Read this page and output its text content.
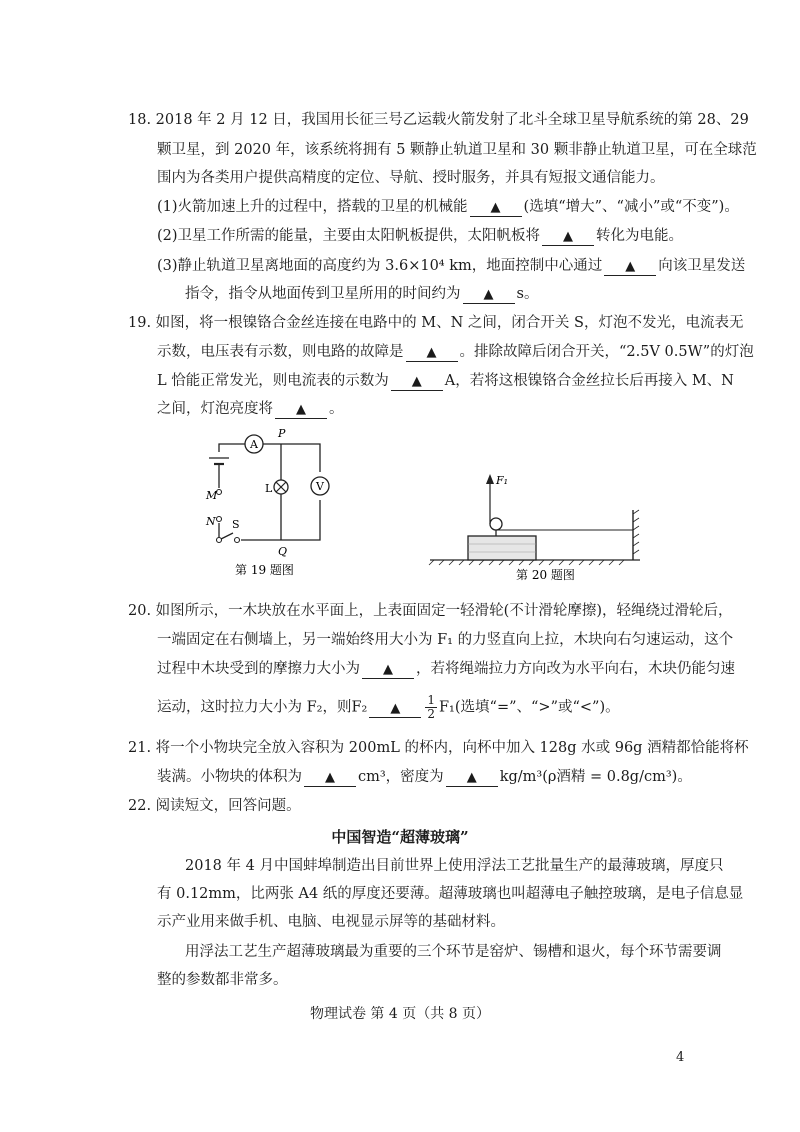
18. 2018 年 2 月 12 日，我国用长征三号乙运载火箭发射了北斗全球卫星导航系统的第 28、29
颗卫星，到 2020 年，该系统将拥有 5 颗静止轨道卫星和 30 颗非静止轨道卫星，可在全球范
围内为各类用户提供高精度的定位、导航、授时服务，并具有短报文通信能力。
(1)火箭加速上升的过程中，搭载的卫星的机械能 ▲ (选填“增大”、“减小”或“不变”)。
(2)卫星工作所需的能量，主要由太阳帆板提供，太阳帆板将 ▲ 转化为电能。
(3)静止轨道卫星离地面的高度约为 3.6×10⁴ km，地面控制中心通过 ▲ 向该卫星发送
指令，指令从地面传到卫星所用的时间约为 ▲ s。
19. 如图，将一根镍铬合金丝连接在电路中的 M、N 之间，闭合开关 S，灯泡不发光，电流表无
示数，电压表有示数，则电路的故障是 ▲ 。排除故障后闭合开关，“2.5V 0.5W”的灯泡
L 恰能正常发光，则电流表的示数为 ▲ A，若将这根镍铬合金丝拉长后再接入 M、N
之间，灯泡亮度将 ▲ 。
A
V
L
M
N S
P
Q
第 19 题图
F₁
第 20 题图
20. 如图所示，一木块放在水平面上，上表面固定一轻滑轮(不计滑轮摩擦)，轻绳绕过滑轮后，
一端固定在右侧墙上，另一端始终用大小为 F₁ 的力竖直向上拉，木块向右匀速运动，这个
过程中木块受到的摩擦力大小为 ▲ ，若将绳端拉力方向改为水平向右，木块仍能匀速
运动，这时拉力大小为 F₂，则F₂ ▲ $\frac{1}{2} F_1$(选填“=”、“>”或“<”)。
21. 将一个小物块完全放入容积为 200mL 的杯内，向杯中加入 128g 水或 96g 酒精都恰能将杯
装满。小物块的体积为 ▲ cm³，密度为 ▲ kg/m³(ρ酒精 = 0.8g/cm³)。
22. 阅读短文，回答问题。
中国智造“超薄玻璃”
2018 年 4 月中国蚌埠制造出目前世界上使用浮法工艺批量生产的最薄玻璃，厚度只
有 0.12mm，比两张 A4 纸的厚度还要薄。超薄玻璃也叫超薄电子触控玻璃，是电子信息显
示产业用来做手机、电脑、电视显示屏等的基础材料。
用浮法工艺生产超薄玻璃最为重要的三个环节是窑炉、锡槽和退火，每个环节需要调
整的参数都非常多。
物理试卷 第 4 页（共 8 页）
4
